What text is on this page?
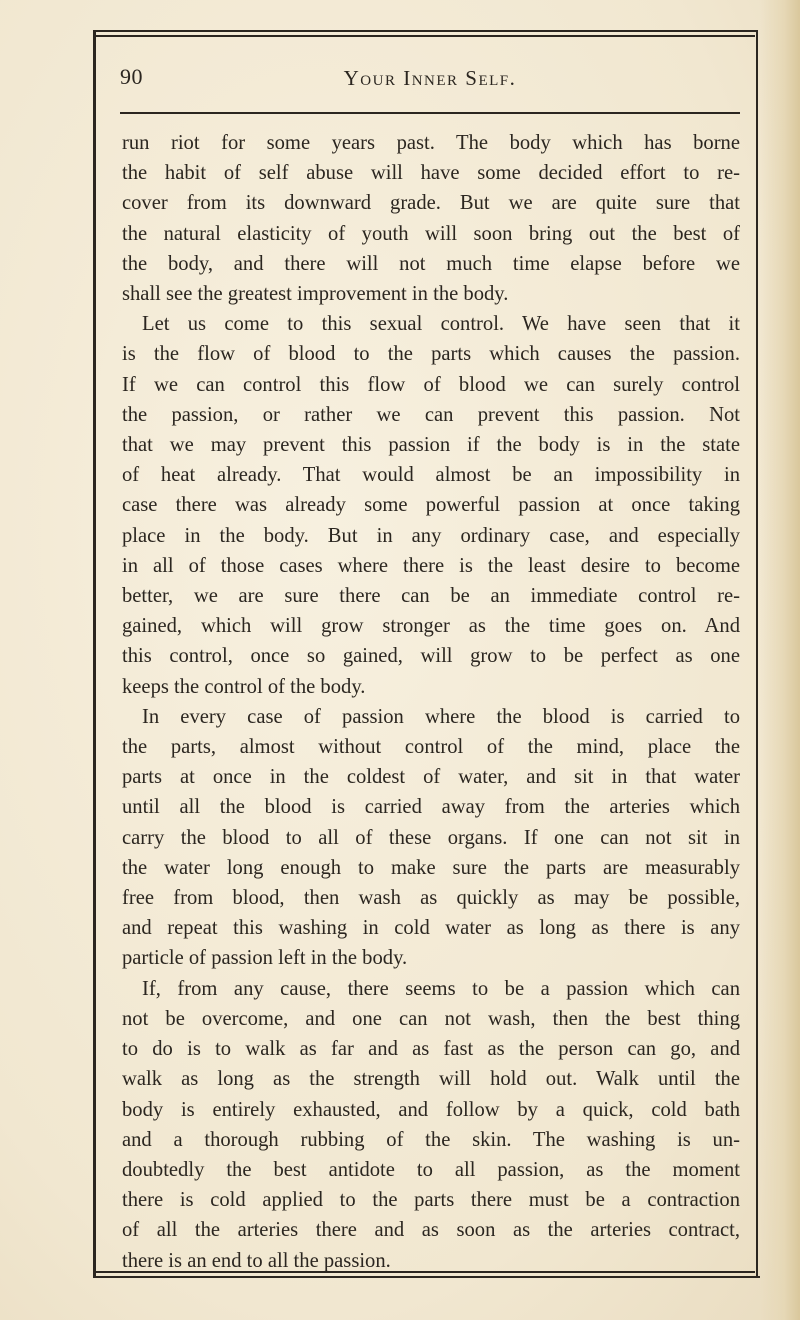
90	Your Inner Self.

run riot for some years past. The body which has borne

the habit of self abuse will have some decided effort to re-

cover from its downward grade. But we are quite sure that

the natural elasticity of youth will soon bring out the best of

the body, and there will not much time elapse before we

shall see the greatest improvement in the body.

Let us come to this sexual control. We have seen that it

is the flow of blood to the parts which causes the passion.

If we can control this flow of blood we can surely control

the passion, or rather we can prevent this passion. Not

that we may prevent this passion if the body is in the state

of heat already. That would almost be an impossibility in

case there was already some powerful passion at once taking

place in the body. But in any ordinary case, and especially

in all of those cases where there is the least desire to become

better, we are sure there can be an immediate control re-

gained, which will grow stronger as the time goes on. And

this control, once so gained, will grow to be perfect as one

keeps the control of the body.

In every case of passion where the blood is carried to

the parts, almost without control of the mind, place the

parts at once in the coldest of water, and sit in that water

until all the blood is carried away from the arteries which

carry the blood to all of these organs. If one can not sit in

the water long enough to make sure the parts are measurably

free from blood, then wash as quickly as may be possible,

and repeat this washing in cold water as long as there is any

particle of passion left in the body.

If, from any cause, there seems to be a passion which can

not be overcome, and one can not wash, then the best thing

to do is to walk as far and as fast as the person can go, and

walk as long as the strength will hold out. Walk until the

body is entirely exhausted, and follow by a quick, cold bath

and a thorough rubbing of the skin. The washing is un-

doubtedly the best antidote to all passion, as the moment

there is cold applied to the parts there must be a contraction

of all the arteries there and as soon as the arteries contract,

there is an end to all the passion.
